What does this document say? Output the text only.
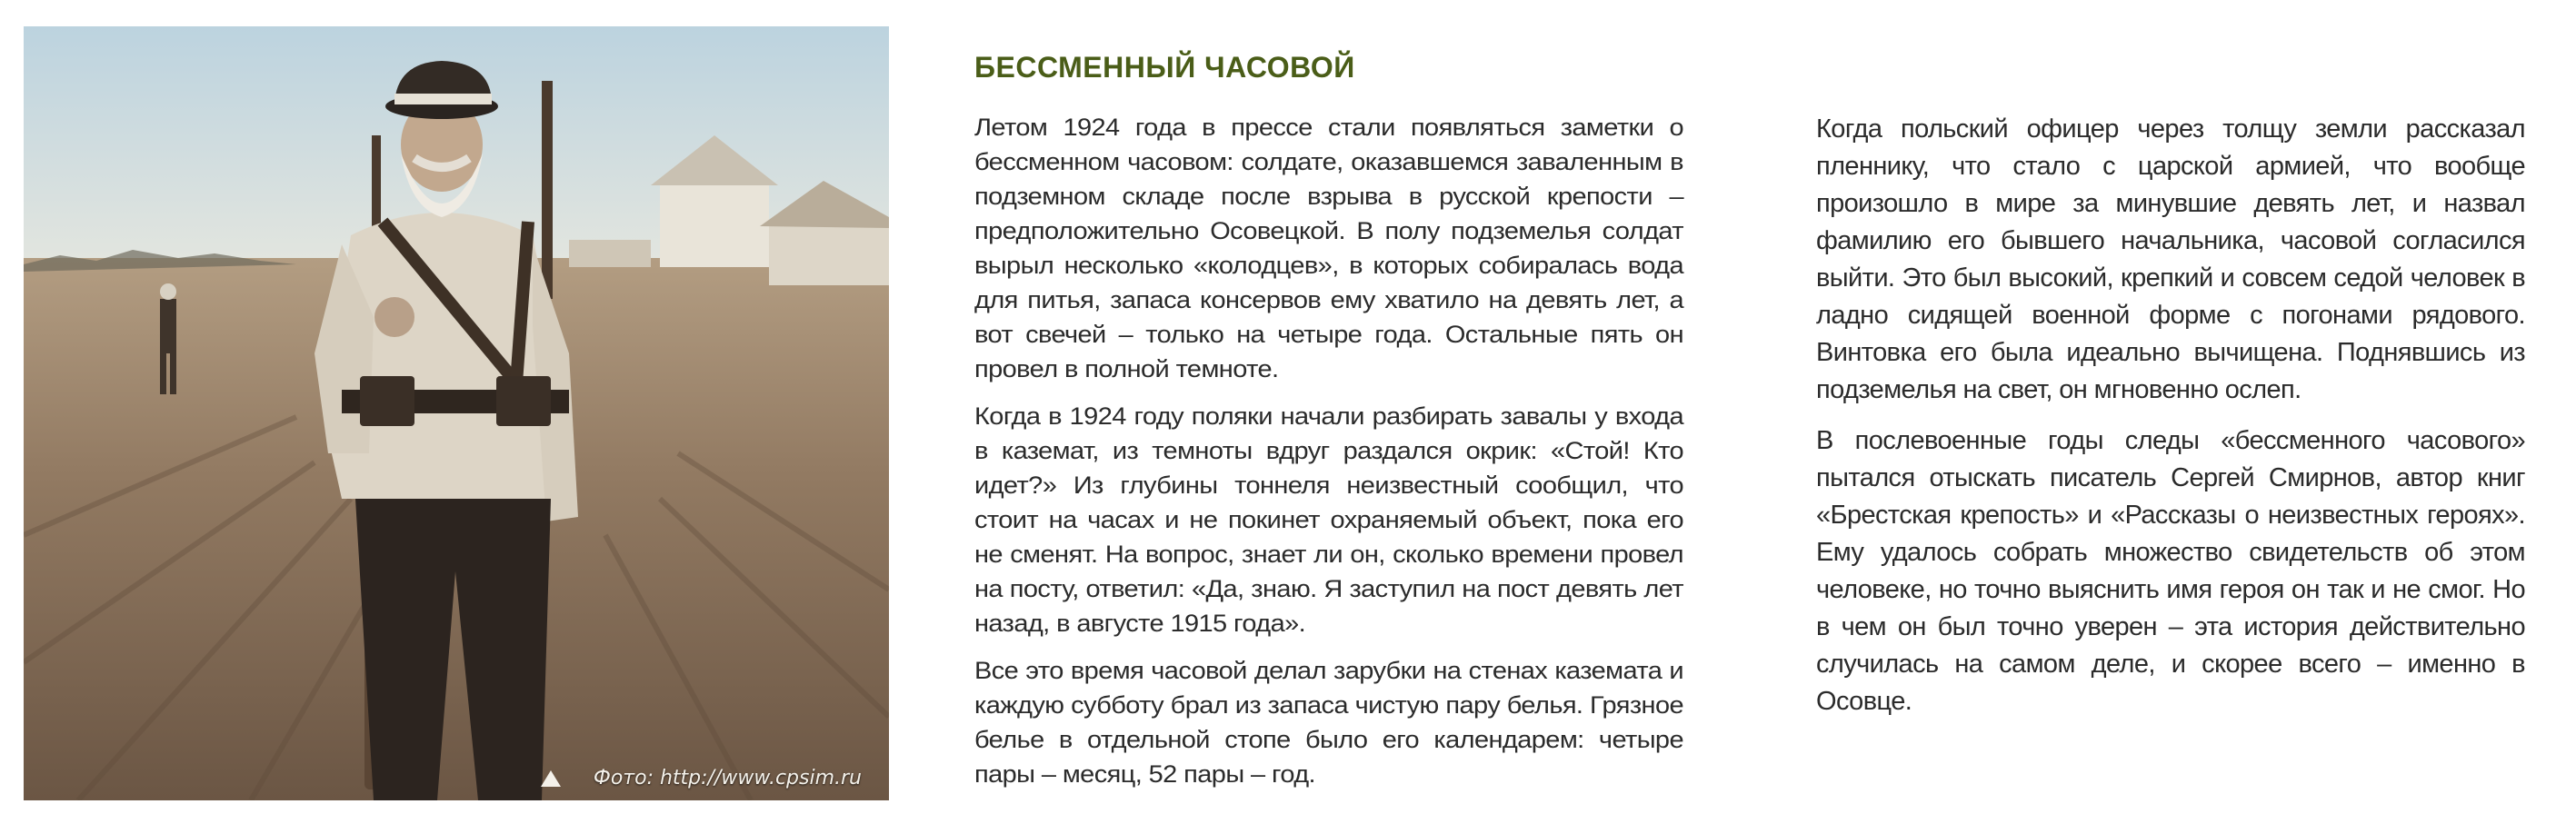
Фото: http://www.cpsim.ru
БЕССМЕННЫЙ ЧАСОВОЙ

Летом 1924 года в прессе стали появляться заметки о бессменном часовом: солдате, оказавшемся заваленным в подземном складе после взрыва в русской крепости – предположительно Осовецкой. В полу подземелья солдат вырыл несколько «колодцев», в которых собиралась вода для питья, запаса консервов ему хватило на девять лет, а вот свечей – только на четыре года. Остальные пять он провел в полной темноте.

Когда в 1924 году поляки начали разбирать завалы у входа в каземат, из темноты вдруг раздался окрик: «Стой! Кто идет?» Из глубины тоннеля неизвестный сообщил, что стоит на часах и не покинет охраняемый объект, пока его не сменят. На вопрос, знает ли он, сколько времени провел на посту, ответил: «Да, знаю. Я заступил на пост девять лет назад, в августе 1915 года».

Все это время часовой делал зарубки на стенах каземата и каждую субботу брал из запаса чистую пару белья. Грязное белье в отдельной стопе было его календарем: четыре пары – месяц, 52 пары – год.

Когда польский офицер через толщу земли рассказал пленнику, что стало с царской армией, что вообще произошло в мире за минувшие девять лет, и назвал фамилию его бывшего начальника, часовой согласился выйти. Это был высокий, крепкий и совсем седой человек в ладно сидящей военной форме с погонами рядового. Винтовка его была идеально вычищена. Поднявшись из подземелья на свет, он мгновенно ослеп.

В послевоенные годы следы «бессменного часового» пытался отыскать писатель Сергей Смирнов, автор книг «Брестская крепость» и «Рассказы о неизвестных героях». Ему удалось собрать множество свидетельств об этом человеке, но точно выяснить имя героя он так и не смог. Но в чем он был точно уверен – эта история действительно случилась на самом деле, и скорее всего – именно в Осовце.
